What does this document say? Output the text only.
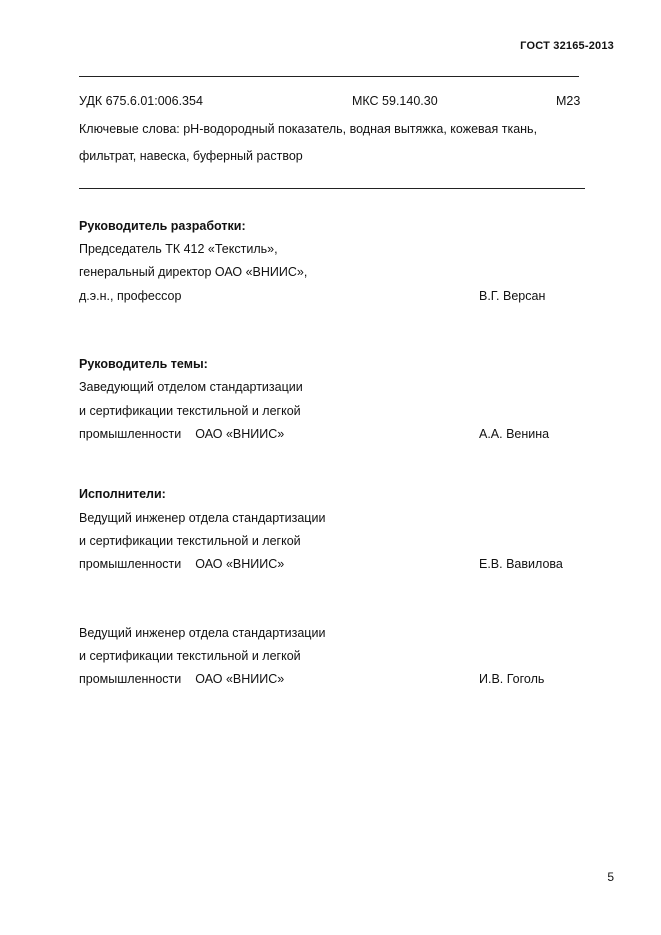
ГОСТ 32165-2013
УДК 675.6.01:006.354	МКС 59.140.30	М23
Ключевые слова: pH-водородный показатель, водная вытяжка, кожевая ткань,
фильтрат, навеска, буферный раствор
Руководитель разработки:
Председатель ТК 412 «Текстиль»,
генеральный директор ОАО «ВНИИС»,
д.э.н., профессор	В.Г. Версан
Руководитель темы:
Заведующий отделом стандартизации
и сертификации текстильной и легкой
промышленности ОАО «ВНИИС»	А.А. Венина
Исполнители:
Ведущий инженер отдела стандартизации
и сертификации текстильной и легкой
промышленности ОАО «ВНИИС»	Е.В. Вавилова
Ведущий инженер отдела стандартизации
и сертификации текстильной и легкой
промышленности ОАО «ВНИИС»	И.В. Гоголь
5
